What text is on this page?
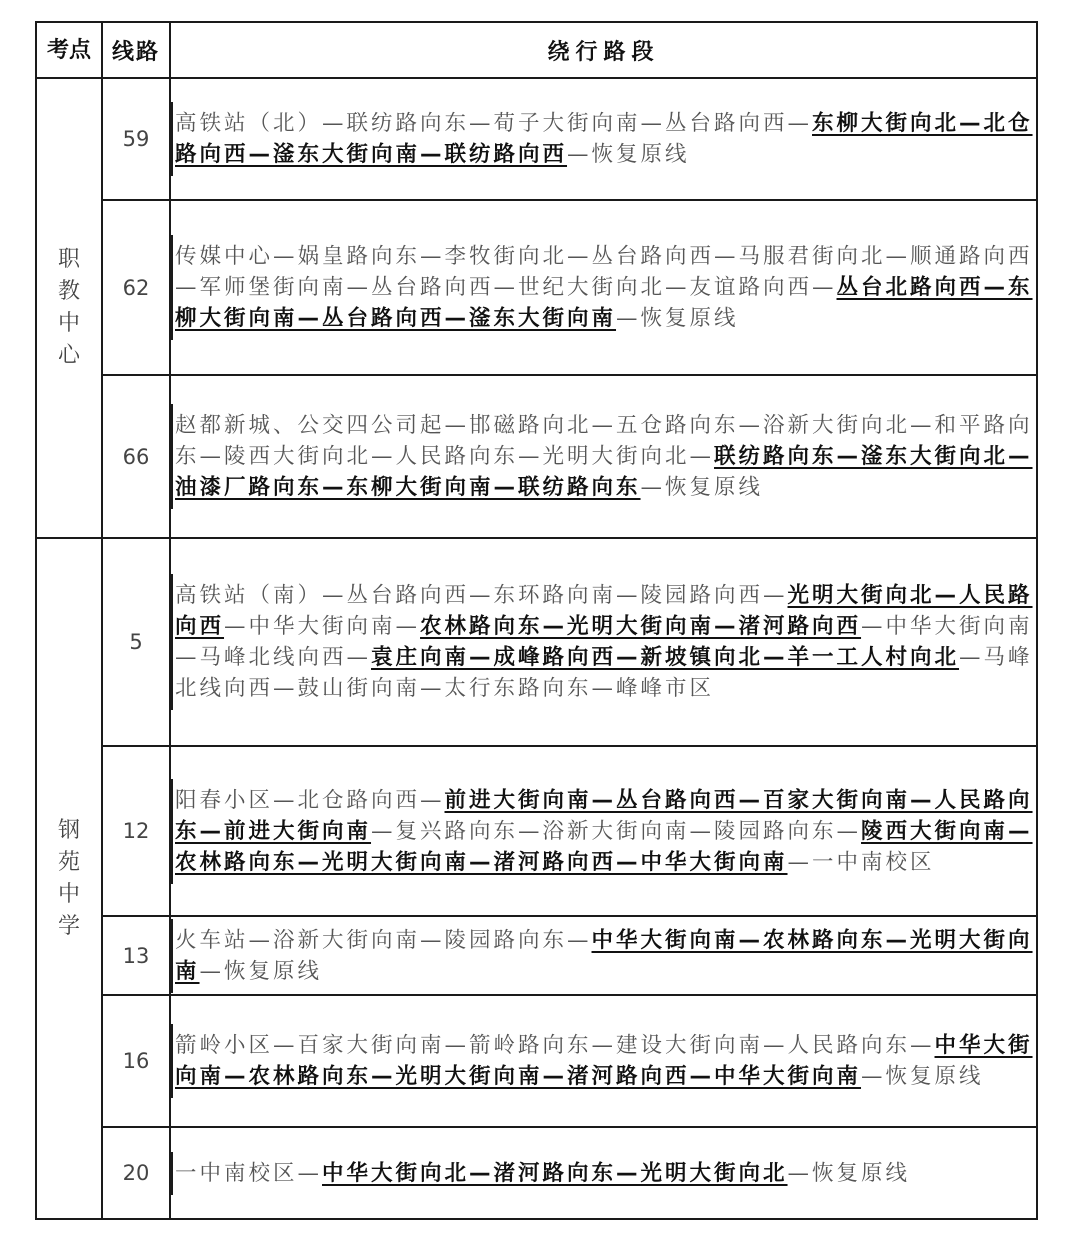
考点	线路	绕行路段
职教中心	59	高铁站（北）—联纺路向东—荀子大街向南—丛台路向西—东柳大街向北—北仓路向西—滏东大街向南—联纺路向西—恢复原线

	62	传媒中心—娲皇路向东—李牧街向北—丛台路向西—马服君街向北—顺通路向西—军师堡街向南—丛台路向西—世纪大街向北—友谊路向西—丛台北路向西—东柳大街向南—丛台路向西—滏东大街向南—恢复原线

	66	赵都新城、公交四公司起—邯磁路向北—五仓路向东—浴新大街向北—和平路向东—陵西大街向北—人民路向东—光明大街向北—联纺路向东—滏东大街向北—油漆厂路向东—东柳大街向南—联纺路向东—恢复原线

钢苑中学	5	高铁站（南）—丛台路向西—东环路向南—陵园路向西—光明大街向北—人民路向西—中华大街向南—农林路向东—光明大街向南—渚河路向西—中华大街向南—马峰北线向西—袁庄向南—成峰路向西—新坡镇向北—羊一工人村向北—马峰北线向西—鼓山街向南—太行东路向东—峰峰市区

	12	阳春小区—北仓路向西—前进大街向南—丛台路向西—百家大街向南—人民路向东—前进大街向南—复兴路向东—浴新大街向南—陵园路向东—陵西大街向南—农林路向东—光明大街向南—渚河路向西—中华大街向南—一中南校区

	13	火车站—浴新大街向南—陵园路向东—中华大街向南—农林路向东—光明大街向南—恢复原线

	16	箭岭小区—百家大街向南—箭岭路向东—建设大街向南—人民路向东—中华大街向南—农林路向东—光明大街向南—渚河路向西—中华大街向南—恢复原线

	20	一中南校区—中华大街向北—渚河路向东—光明大街向北—恢复原线
